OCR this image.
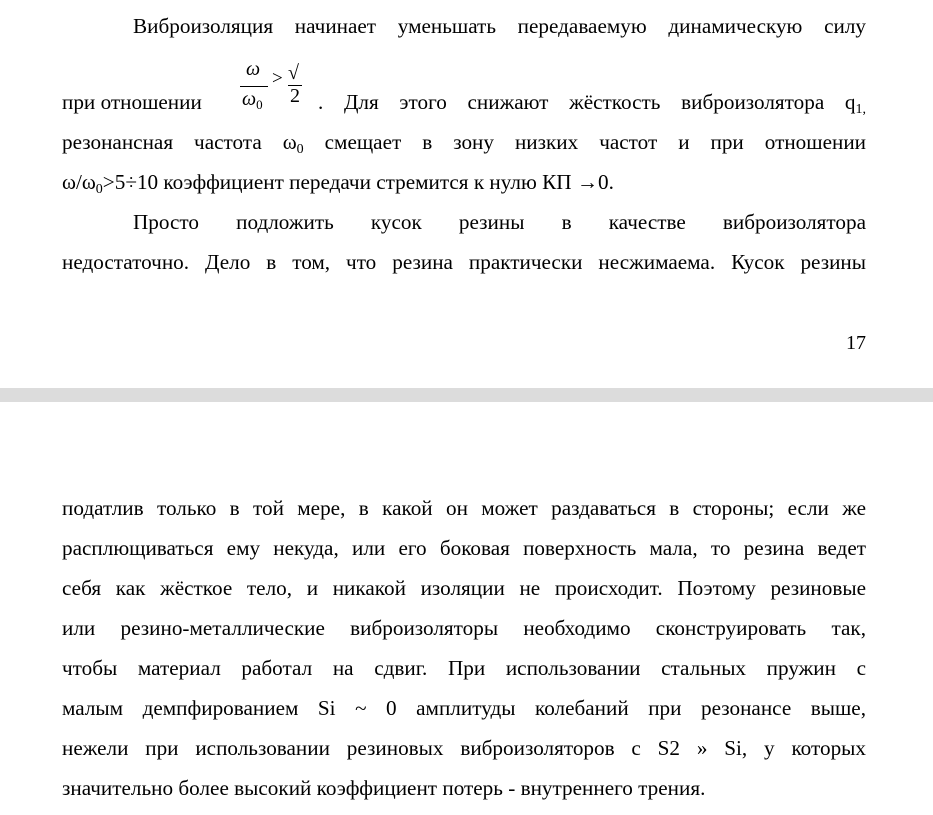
Виброизоляция начинает уменьшать передаваемую динамическую силу
ω
$\omega_0$
> √2
при отношении	. Для этого снижают жёсткость виброизолятора $q_{1,}$
резонансная частота $\omega_0$ смещает в зону низких частот и при отношении
$\omega/\omega_0>5\div 10$ коэффициент передачи стремится к нулю КП →0.
Просто подложить кусок резины в качестве виброизолятора
недостаточно. Дело в том, что резина практически несжимаема. Кусок резины
17
податлив только в той мере, в какой он может раздаваться в стороны; если же
расплющиваться ему некуда, или его боковая поверхность мала, то резина ведет
себя как жёсткое тело, и никакой изоляции не происходит. Поэтому резиновые
или резино-металлические виброизоляторы необходимо сконструировать так,
чтобы материал работал на сдвиг. При использовании стальных пружин с
малым демпфированием Si ~ 0 амплитуды колебаний при резонансе выше,
нежели при использовании резиновых виброизоляторов с S2 » Si, у которых
значительно более высокий коэффициент потерь - внутреннего трения.
